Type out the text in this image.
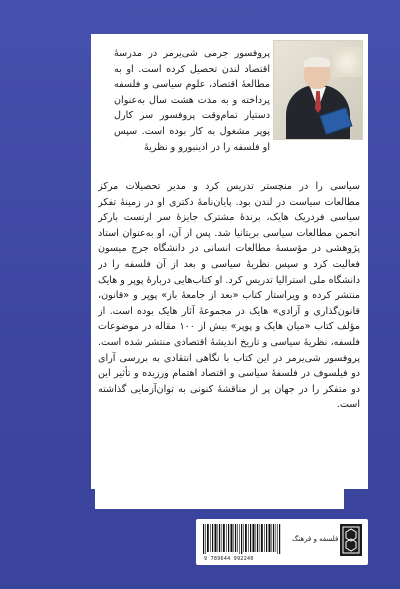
پروفسور جرمی شی‌یرمر در مدرسهٔ اقتصاد لندن تحصیل کرده است. او به مطالعهٔ اقتصاد، علوم سیاسی و فلسفه پرداخته و به مدت هشت سال به‌عنوان دستیار تمام‌وقت پروفسور سر کارل پوپر مشغول به کار بوده است. سپس او فلسفه را در ادینبورو و نظریهٔ

سیاسی را در منچستر تدریس کرد و مدیر تحصیلات مرکز مطالعات سیاست در لندن بود. پایان‌نامهٔ دکتری او در زمینهٔ تفکر سیاسی فردریک هایک، برندهٔ مشترک جایزهٔ سر ارنست بارکر انجمن مطالعات سیاسی بریتانیا شد. پس از آن، او به‌عنوان استاد پژوهشی در مؤسسهٔ مطالعات انسانی در دانشگاه جرج میسون فعالیت کرد و سپس نظریهٔ سیاسی و بعد از آن فلسفه را در دانشگاه ملی استرالیا تدریس کرد. او کتاب‌هایی دربارهٔ پوپر و هایک منتشر کرده و ویراستار کتاب «بعد از جامعهٔ باز» پوپر و «قانون، قانون‌گذاری و آزادی» هایک در مجموعهٔ آثار هایک بوده است. از مؤلف کتاب «میان هایک و پوپر» بیش از ۱۰۰ مقاله در موضوعات فلسفه، نظریهٔ سیاسی و تاریخ اندیشهٔ اقتصادی منتشر شده است. پروفسور شی‌یرمر در این کتاب با نگاهی انتقادی به بررسی آرای دو فیلسوف در فلسفهٔ سیاسی و اقتصاد اهتمام ورزیده و تأثیر این دو متفکر را در جهان پر از مناقشهٔ کنونی به توان‌آزمایی گذاشته است.

9 789644 992240
فلسفه و فرهنگ
